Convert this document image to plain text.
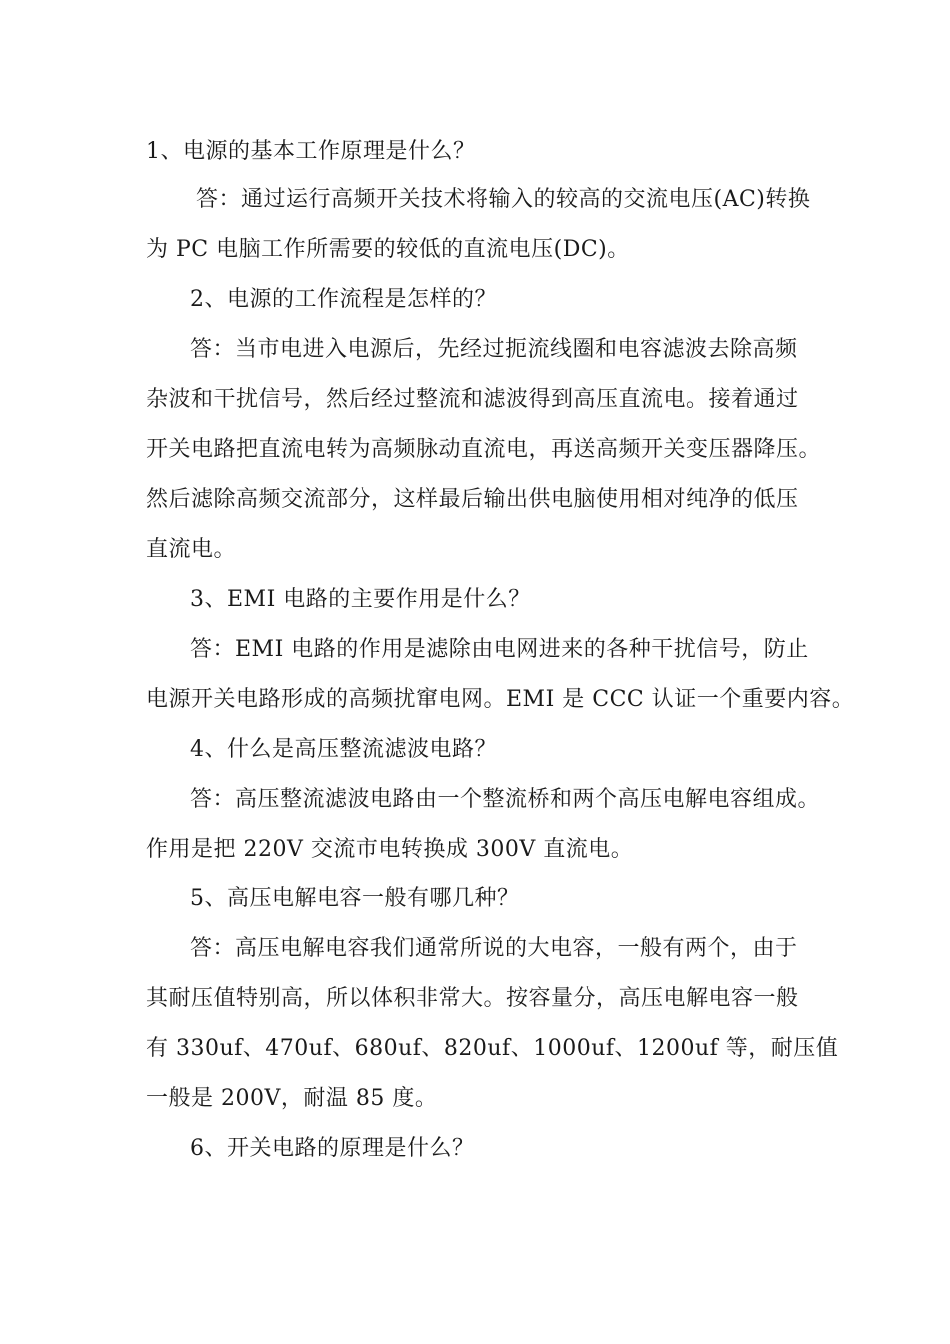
1、电源的基本工作原理是什么？
答：通过运行高频开关技术将输入的较高的交流电压(AC)转换
为 PC 电脑工作所需要的较低的直流电压(DC)。
2、电源的工作流程是怎样的？
答：当市电进入电源后，先经过扼流线圈和电容滤波去除高频
杂波和干扰信号，然后经过整流和滤波得到高压直流电。接着通过
开关电路把直流电转为高频脉动直流电，再送高频开关变压器降压。
然后滤除高频交流部分，这样最后输出供电脑使用相对纯净的低压
直流电。
3、EMI 电路的主要作用是什么？
答：EMI 电路的作用是滤除由电网进来的各种干扰信号，防止
电源开关电路形成的高频扰窜电网。EMI 是 CCC 认证一个重要内容。
4、什么是高压整流滤波电路？
答：高压整流滤波电路由一个整流桥和两个高压电解电容组成。
作用是把 220V 交流市电转换成 300V 直流电。
5、高压电解电容一般有哪几种？
答：高压电解电容我们通常所说的大电容，一般有两个，由于
其耐压值特别高，所以体积非常大。按容量分，高压电解电容一般
有 330uf、470uf、680uf、820uf、1000uf、1200uf 等，耐压值
一般是 200V，耐温 85 度。
6、开关电路的原理是什么？
